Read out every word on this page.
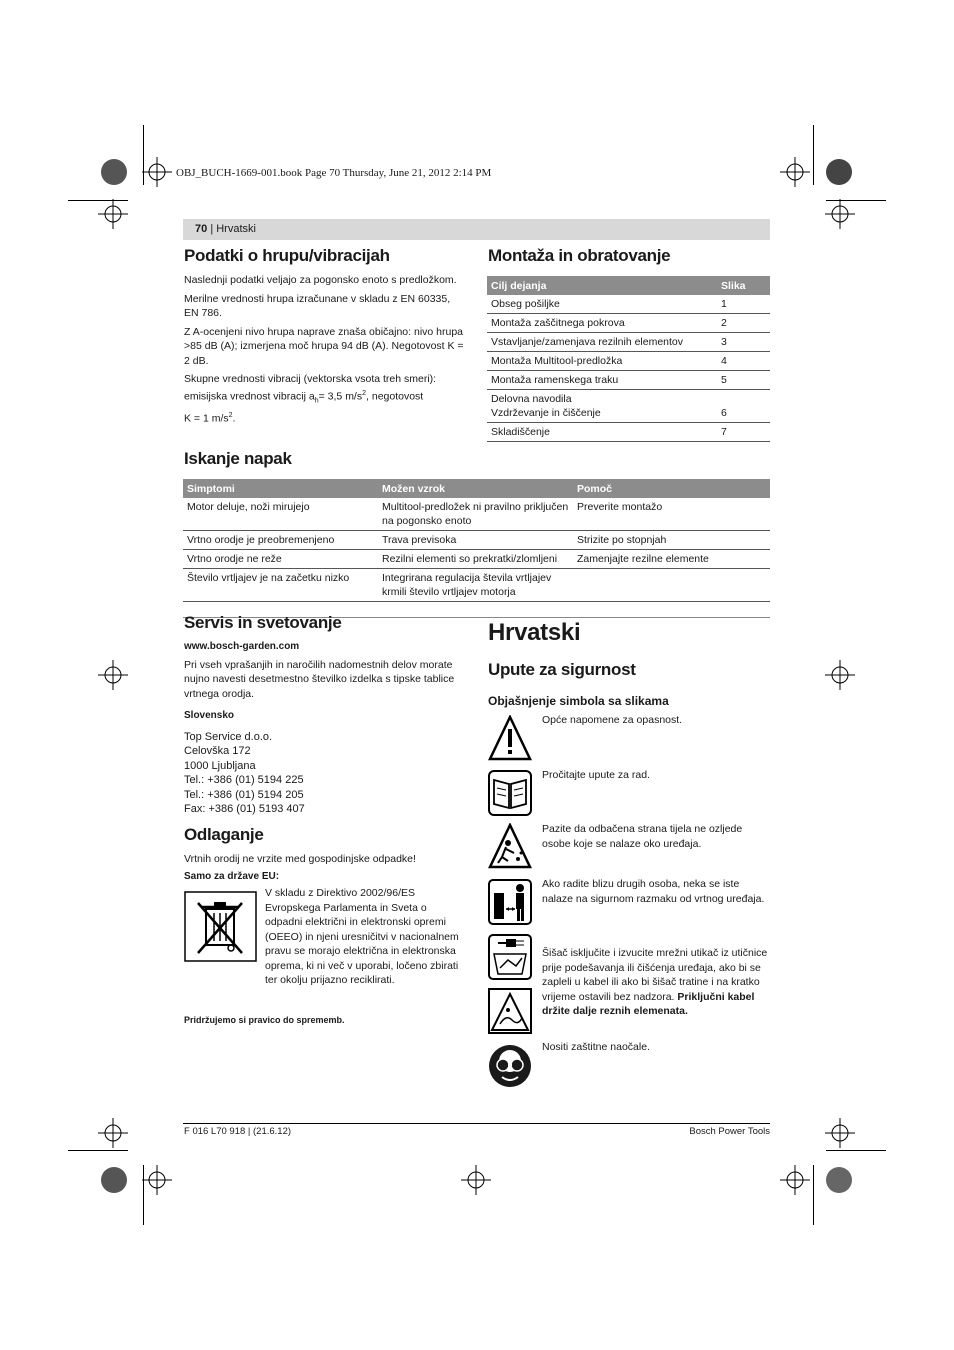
OBJ_BUCH-1669-001.book Page 70 Thursday, June 21, 2012 2:14 PM
70 | Hrvatski
Podatki o hrupu/vibracijah

Naslednji podatki veljajo za pogonsko enoto s predložkom.

Merilne vrednosti hrupa izračunane v skladu z EN 60335, EN 786.

Z A-ocenjeni nivo hrupa naprave znaša običajno: nivo hrupa >85 dB (A); izmerjena moč hrupa 94 dB (A). Negotovost K = 2 dB.

Skupne vrednosti vibracij (vektorska vsota treh smeri):
emisijska vrednost vibracij $a_h= 3,5$ $m/s^2$, negotovost
K = 1 $m/s^2$.

Montaža in obratovanje
Cilj dejanja	Slika
Obseg pošiljke	1
Montaža zaščitnega pokrova	2
Vstavljanje/zamenjava rezilnih elementov	3
Montaža Multitool-predložka	4
Montaža ramenskega traku	5
Delovna navodila
Vzdrževanje in čiščenje	6
Skladiščenje	7
Iskanje napak
Simptomi	Možen vzrok	Pomoč
Motor deluje, noži mirujejo	Multitool-predložek ni pravilno priključen na pogonsko enoto	Preverite montažo
Vrtno orodje je preobremenjeno	Trava previsoka	Strizite po stopnjah
Vrtno orodje ne reže	Rezilni elementi so prekratki/zlomljeni	Zamenjajte rezilne elemente
Število vrtljajev je na začetku nizko	Integrirana regulacija števila vrtljajev krmili število vrtljajev motorja	
Servis in svetovanje

www.bosch-garden.com

Pri vseh vprašanjih in naročilih nadomestnih delov morate nujno navesti desetmestno številko izdelka s tipske tablice vrtnega orodja.

Slovensko

Top Service d.o.o.

Celovška 172

1000 Ljubljana

Tel.: +386 (01) 5194 225

Tel.: +386 (01) 5194 205

Fax: +386 (01) 5193 407

Odlaganje

Vrtnih orodij ne vrzite med gospodinjske odpadke!

Samo za države EU:

V skladu z Direktivo 2002/96/ES Evropskega Parlamenta in Sveta o odpadni električni in elektronski opremi (OEEO) in njeni uresničitvi v nacionalnem pravu se morajo električna in elektronska oprema, ki ni več v uporabi, ločeno zbirati ter okolju prijazno reciklirati.

Pridržujemo si pravico do sprememb.

Hrvatski
Upute za sigurnost

Objašnjenje simbola sa slikama

Opće napomene za opasnost.

Pročitajte upute za rad.

Pazite da odbačena strana tijela ne ozljede osobe koje se nalaze oko uređaja.

Ako radite blizu drugih osoba, neka se iste nalaze na sigurnom razmaku od vrtnog uređaja.

Šišač isključite i izvucite mrežni utikač iz utičnice prije podešavanja ili čišćenja uređaja, ako bi se zapleli u kabel ili ako bi šišač tratine i na kratko vrijeme ostavili bez nadzora. Priključni kabel držite dalje reznih elemenata.

Nositi zaštitne naočale.

F 016 L70 918 | (21.6.12)	Bosch Power Tools
